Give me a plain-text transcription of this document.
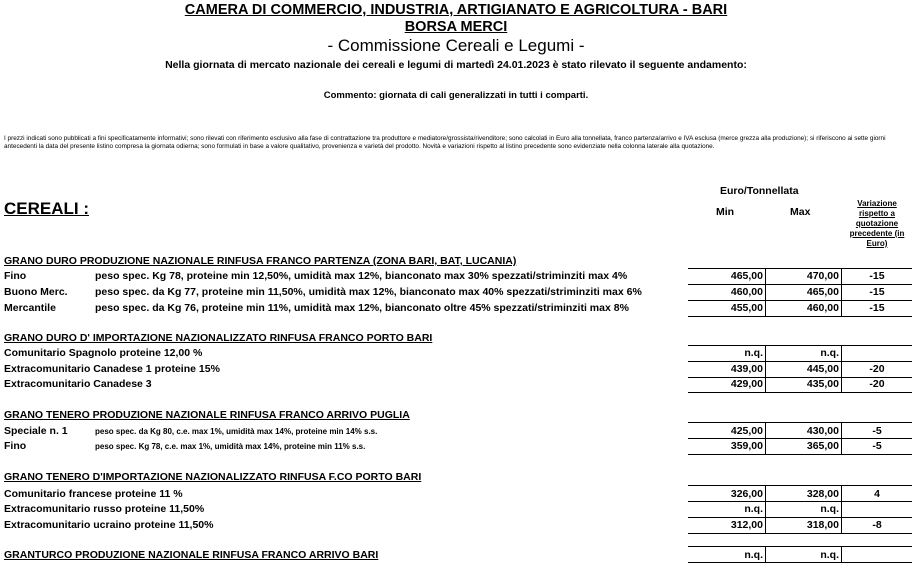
CAMERA DI COMMERCIO, INDUSTRIA, ARTIGIANATO E AGRICOLTURA - BARI
BORSA MERCI
- Commissione Cereali e Legumi -
Nella giornata di mercato nazionale dei cereali e legumi di martedì 24.01.2023 è stato rilevato il seguente andamento:
Commento: giornata di cali generalizzati in tutti i comparti.
I prezzi indicati sono pubblicati a fini specificatamente informativi; sono rilevati con riferimento esclusivo alla fase di contrattazione tra produttore e mediatore/grossista/rivenditore; sono calcolati in Euro alla tonnellata, franco partenza/arrivo e IVA esclusa (merce grezza alla produzione); si riferiscono ai sette giorni antecedenti la data del presente listino compresa la giornata odierna; sono formulati in base a valore qualitativo, provenienza e varietà del prodotto. Novità e variazioni rispetto al listino precedente sono evidenziate nella colonna laterale alla quotazione.
CEREALI :
Euro/Tonnellata
Min	Max
Variazione rispetto a quotazione precedente (in Euro)
GRANO DURO PRODUZIONE NAZIONALE RINFUSA FRANCO PARTENZA (ZONA BARI, BAT, LUCANIA)
Fino	peso spec. Kg 78, proteine min 12,50%, umidità max 12%, bianconato max 30% spezzati/striminziti max 4%	465,00	470,00	-15
Buono Merc.	peso spec. da Kg 77, proteine min 11,50%, umidità max 12%, bianconato max 40% spezzati/striminziti max 6%	460,00	465,00	-15
Mercantile	peso spec. da Kg 76, proteine min 11%, umidità max 12%, bianconato oltre 45% spezzati/striminziti max 8%	455,00	460,00	-15
GRANO DURO D' IMPORTAZIONE NAZIONALIZZATO RINFUSA FRANCO PORTO BARI
Comunitario Spagnolo proteine 12,00 %	n.q.	n.q.
Extracomunitario Canadese 1 proteine 15%	439,00	445,00	-20
Extracomunitario Canadese 3	429,00	435,00	-20
GRANO TENERO PRODUZIONE NAZIONALE RINFUSA FRANCO ARRIVO PUGLIA
Speciale n. 1	peso spec. da Kg 80, c.e. max 1%, umidità max 14%, proteine min 14% s.s.	425,00	430,00	-5
Fino	peso spec. Kg 78, c.e. max 1%, umidità max 14%, proteine min 11% s.s.	359,00	365,00	-5
GRANO TENERO D'IMPORTAZIONE NAZIONALIZZATO RINFUSA F.CO PORTO BARI
Comunitario francese proteine 11 %	326,00	328,00	4
Extracomunitario russo proteine 11,50%	n.q.	n.q.
Extracomunitario ucraino proteine 11,50%	312,00	318,00	-8
GRANTURCO PRODUZIONE NAZIONALE RINFUSA FRANCO ARRIVO BARI	n.q.	n.q.
